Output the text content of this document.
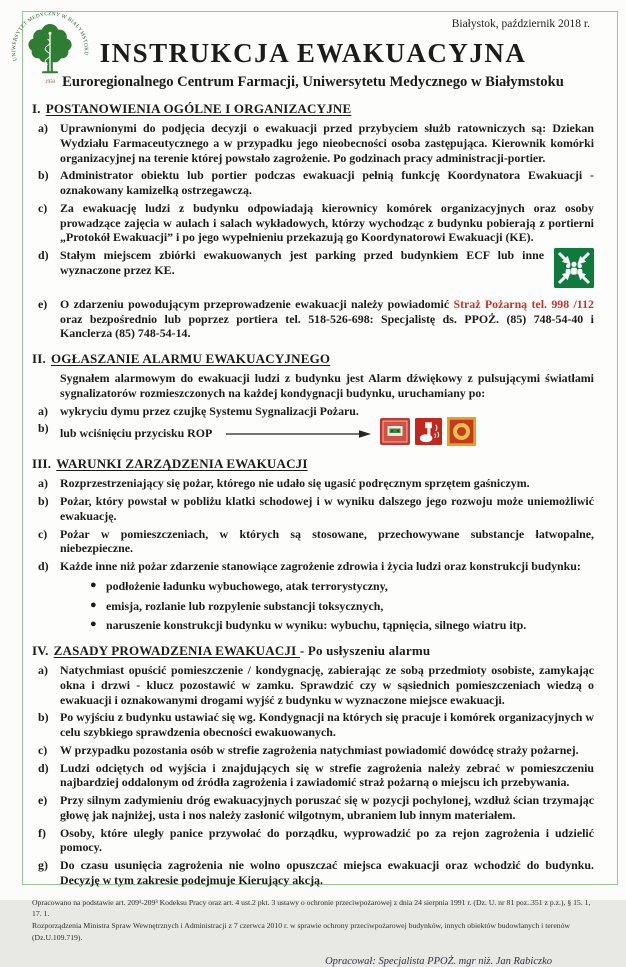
UNIWERSYTET MEDYCZNY W BIAŁYMSTOKU
1950
Białystok, październik 2018 r.
INSTRUKCJA EWAKUACYJNA
Euroregionalnego Centrum Farmacji, Uniwersytetu Medycznego w Białymstoku
I. POSTANOWIENIA OGÓLNE I ORGANIZACYJNE
a)	Uprawnionymi do podjęcia decyzji o ewakuacji przed przybyciem służb ratowniczych są: Dziekan Wydziału Farmaceutycznego a w przypadku jego nieobecności osoba zastępująca. Kierownik komórki organizacyjnej na terenie której powstało zagrożenie. Po godzinach pracy administracji-portier.
b) Administrator obiektu lub portier podczas ewakuacji pełnią funkcję Koordynatora Ewakuacji - oznakowany kamizelką ostrzegawczą.
c)	Za ewakuację ludzi z budynku odpowiadają kierownicy komórek organizacyjnych oraz osoby prowadzące zajęcia w aulach i salach wykładowych, którzy wychodząc z budynku pobierają z portierni „Protokół Ewakuacji” i po jego wypełnieniu przekazują go Koordynatorowi Ewakuacji (KE).
d) Stałym miejscem zbiórki ewakuowanych jest parking przed budynkiem ECF lub inne wyznaczone przez KE.
e)	O zdarzeniu powodującym przeprowadzenie ewakuacji należy powiadomić Straż Pożarną tel. 998 /112 oraz bezpośrednio lub poprzez portiera tel. 518-526-698: Specjalistę ds. PPOŻ. (85) 748-54-40 i Kanclerza (85) 748-54-14.
II. OGŁASZANIE ALARMU EWAKUACYJNEGO
Sygnałem alarmowym do ewakuacji ludzi z budynku jest Alarm dźwiękowy z pulsującymi światłami sygnalizatorów rozmieszczonych na każdej kondygnacji budynku, uruchamiany po:
a)	wykryciu dymu przez czujkę Systemu Sygnalizacji Pożaru.
b) lub wciśnięciu przycisku ROP
III. WARUNKI ZARZĄDZENIA EWAKUACJI
a)	Rozprzestrzeniający się pożar, którego nie udało się ugasić podręcznym sprzętem gaśniczym.
b) Pożar, który powstał w pobliżu klatki schodowej i w wyniku dalszego jego rozwoju może uniemożliwić ewakuację.
c)	Pożar w pomieszczeniach, w których są stosowane, przechowywane substancje łatwopalne, niebezpieczne.
d) Każde inne niż pożar zdarzenie stanowiące zagrożenie zdrowia i życia ludzi oraz konstrukcji budynku:
● podłożenie ładunku wybuchowego, atak terrorystyczny,
● emisja, rozlanie lub rozpylenie substancji toksycznych,
● naruszenie konstrukcji budynku w wyniku: wybuchu, tąpnięcia, silnego wiatru itp.
IV. ZASADY PROWADZENIA EWAKUACJI - Po usłyszeniu alarmu
a)	Natychmiast opuścić pomieszczenie / kondygnację, zabierając ze sobą przedmioty osobiste, zamykając okna i drzwi - klucz pozostawić w zamku. Sprawdzić czy w sąsiednich pomieszczeniach wiedzą o ewakuacji i oznakowanymi drogami wyjść z budynku w wyznaczone miejsce ewakuacji.
b) Po wyjściu z budynku ustawiać się wg. Kondygnacji na których się pracuje i komórek organizacyjnych w celu szybkiego sprawdzenia obecności ewakuowanych.
c)	W przypadku pozostania osób w strefie zagrożenia natychmiast powiadomić dowódcę straży pożarnej.
d) Ludzi odciętych od wyjścia i znajdujących się w strefie zagrożenia należy zebrać w pomieszczeniu najbardziej oddalonym od źródła zagrożenia i zawiadomić straż pożarną o miejscu ich przebywania.
e)	Przy silnym zadymieniu dróg ewakuacyjnych poruszać się w pozycji pochylonej, wzdłuż ścian trzymając głowę jak najniżej, usta i nos należy zasłonić wilgotnym, ubraniem lub innym materiałem.
f)	Osoby, które uległy panice przywołać do porządku, wyprowadzić po za rejon zagrożenia i udzielić pomocy.
g)	Do czasu usunięcia zagrożenia nie wolno opuszczać miejsca ewakuacji oraz wchodzić do budynku. Decyzję w tym zakresie podejmuje Kierujący akcją.
Opracowano na podstawie art. 209¹-209³ Kodeksu Pracy oraz art. 4 ust.2 pkt. 3 ustawy o ochronie przeciwpożarowej z dnia 24 sierpnia 1991 r. (Dz. U. nr 81 poz..351 z p.z.), § 15. 1, 17. 1.
Rozporządzenia Ministra Spraw Wewnętrznych i Administracji z 7 czerwca 2010 r. w sprawie ochrony przeciwpożarowej budynków, innych obiektów budowlanych i terenów (Dz.U.109.719).
Opracował: Specjalista PPOŻ. mgr niż. Jan Rabiczko
